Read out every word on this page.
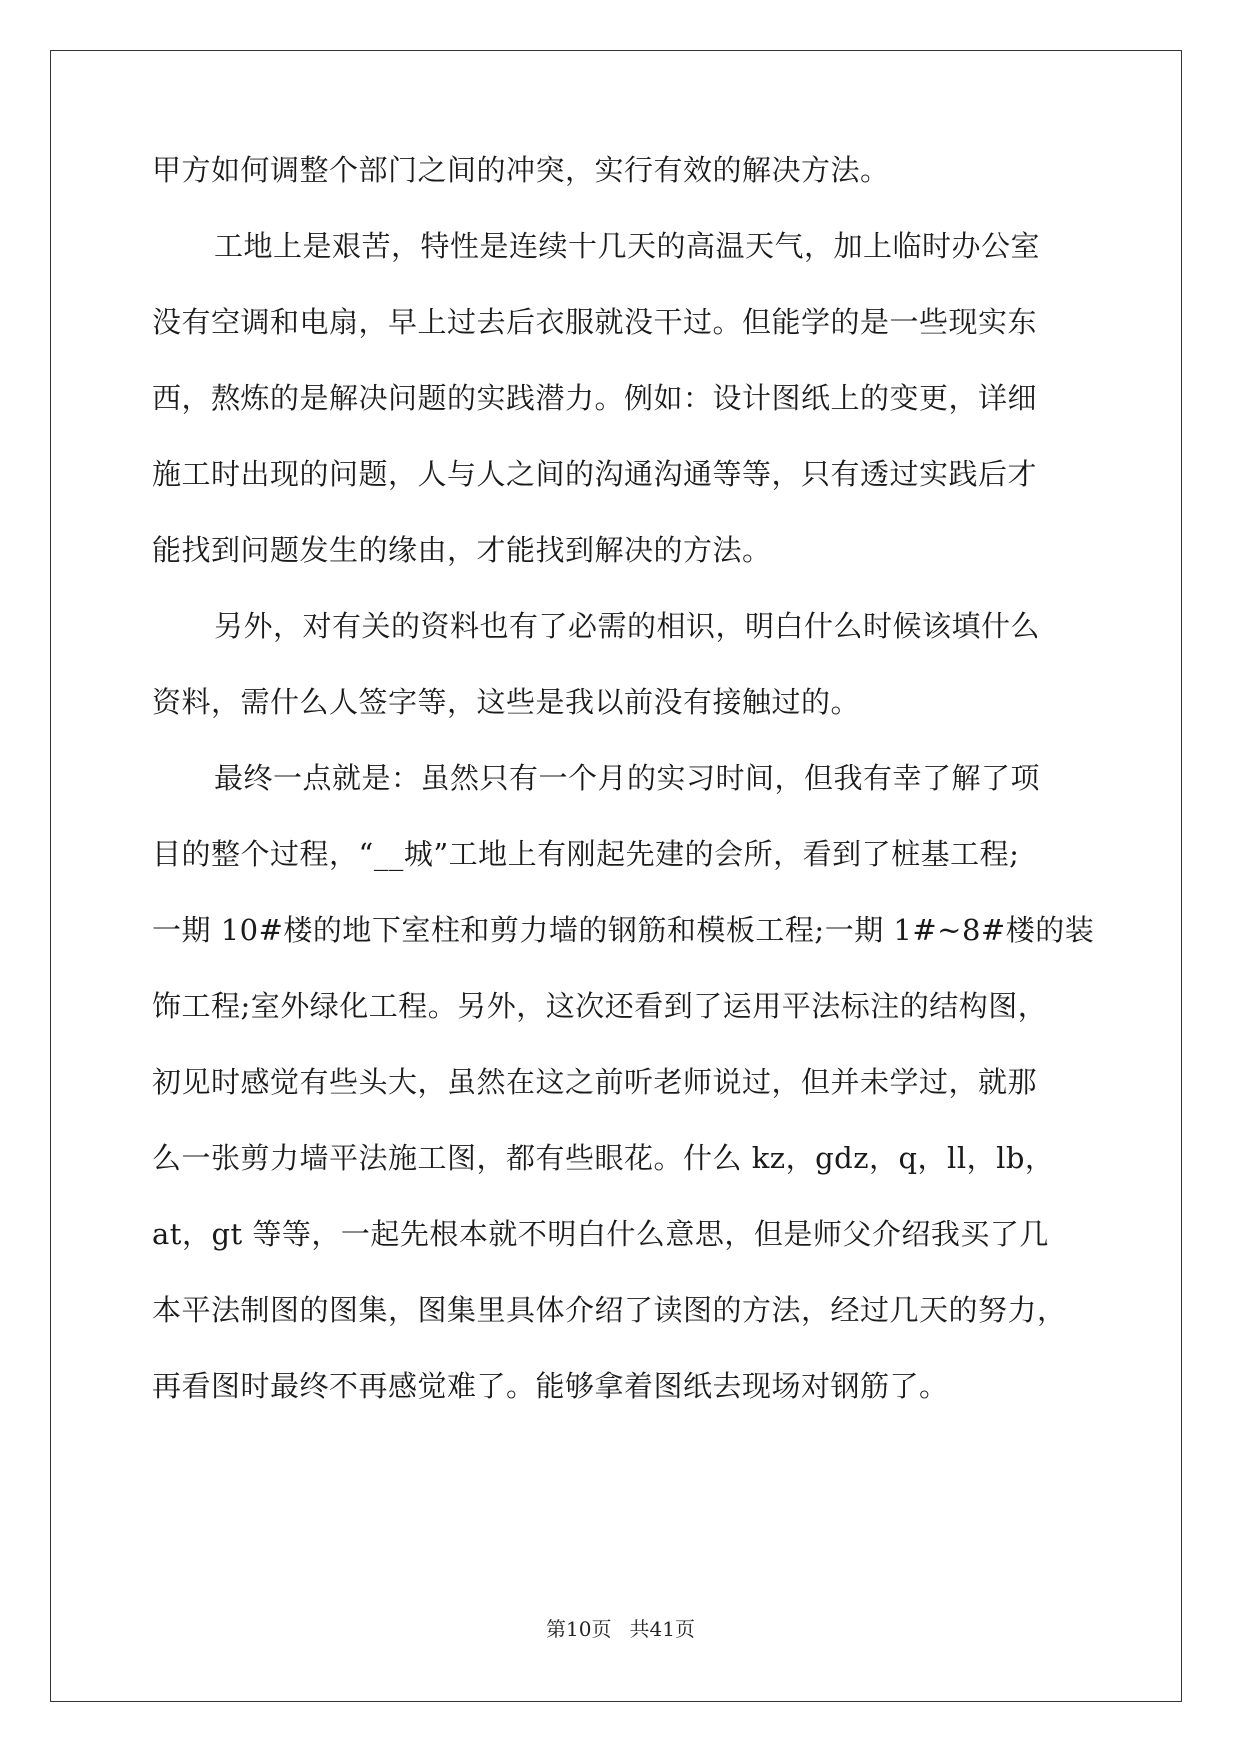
甲方如何调整个部门之间的冲突，实行有效的解决方法。
工地上是艰苦，特性是连续十几天的高温天气，加上临时办公室
没有空调和电扇，早上过去后衣服就没干过。但能学的是一些现实东
西，熬炼的是解决问题的实践潜力。例如：设计图纸上的变更，详细
施工时出现的问题，人与人之间的沟通沟通等等，只有透过实践后才
能找到问题发生的缘由，才能找到解决的方法。
另外，对有关的资料也有了必需的相识，明白什么时候该填什么
资料，需什么人签字等，这些是我以前没有接触过的。
最终一点就是：虽然只有一个月的实习时间，但我有幸了解了项
目的整个过程，“__城”工地上有刚起先建的会所，看到了桩基工程;
一期 10#楼的地下室柱和剪力墙的钢筋和模板工程;一期 1#~8#楼的装
饰工程;室外绿化工程。另外，这次还看到了运用平法标注的结构图，
初见时感觉有些头大，虽然在这之前听老师说过，但并未学过，就那
么一张剪力墙平法施工图，都有些眼花。什么 kz，gdz，q，ll，lb，
at，gt 等等，一起先根本就不明白什么意思，但是师父介绍我买了几
本平法制图的图集，图集里具体介绍了读图的方法，经过几天的努力，
再看图时最终不再感觉难了。能够拿着图纸去现场对钢筋了。
第10页 共41页
